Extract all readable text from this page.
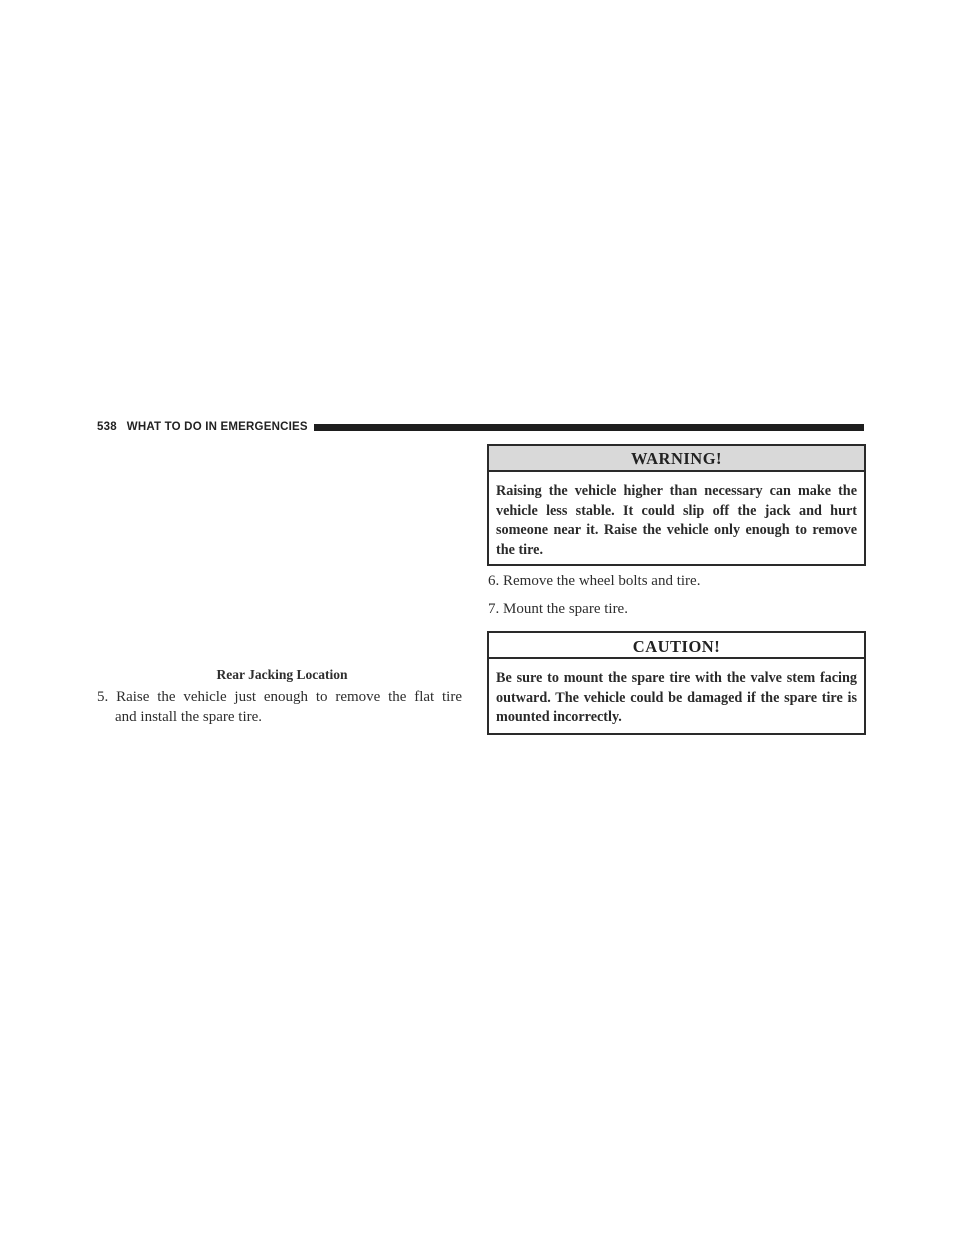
538 WHAT TO DO IN EMERGENCIES
Rear Jacking Location
5. Raise the vehicle just enough to remove the flat tire
and install the spare tire.
WARNING!
Raising the vehicle higher than necessary can make the vehicle less stable. It could slip off the jack and hurt someone near it. Raise the vehicle only enough to remove the tire.
6. Remove the wheel bolts and tire.
7. Mount the spare tire.
CAUTION!
Be sure to mount the spare tire with the valve stem facing outward. The vehicle could be damaged if the spare tire is mounted incorrectly.
